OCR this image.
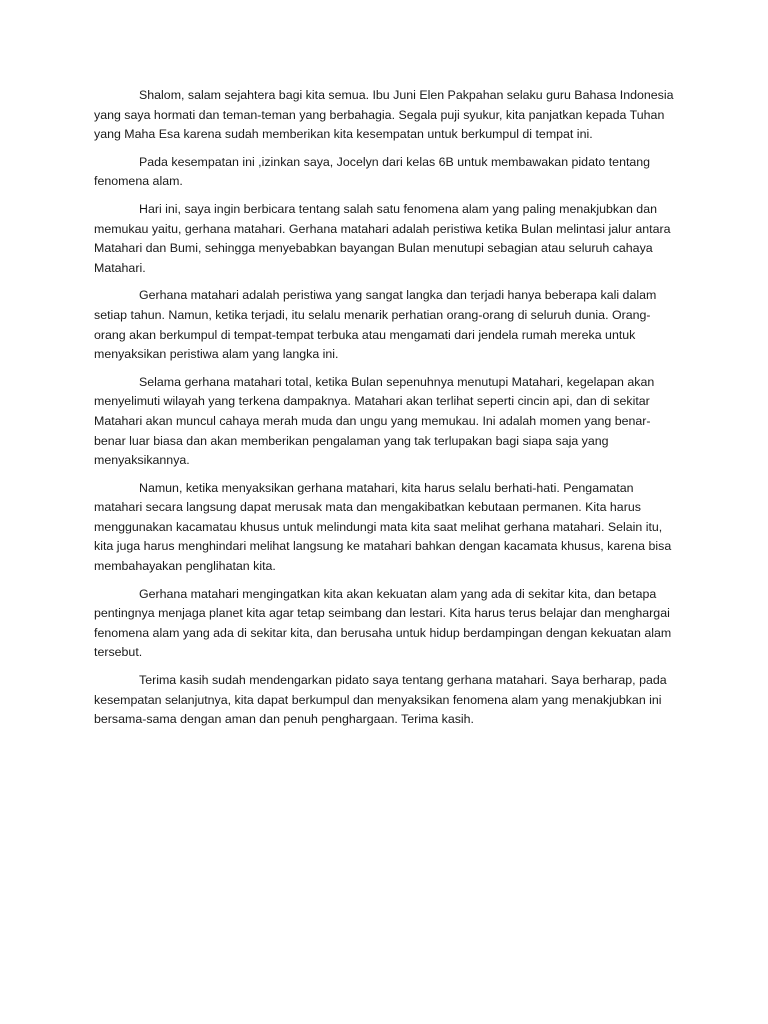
Shalom, salam sejahtera bagi kita semua. Ibu Juni Elen Pakpahan selaku guru Bahasa Indonesia yang saya hormati dan teman-teman yang berbahagia. Segala puji syukur, kita panjatkan kepada Tuhan yang Maha Esa karena sudah memberikan kita kesempatan untuk berkumpul di tempat ini.

Pada kesempatan ini ,izinkan saya, Jocelyn dari kelas 6B untuk membawakan pidato tentang fenomena alam.

Hari ini, saya ingin berbicara tentang salah satu fenomena alam yang paling menakjubkan dan memukau yaitu, gerhana matahari. Gerhana matahari adalah peristiwa ketika Bulan melintasi jalur antara Matahari dan Bumi, sehingga menyebabkan bayangan Bulan menutupi sebagian atau seluruh cahaya Matahari.

Gerhana matahari adalah peristiwa yang sangat langka dan terjadi hanya beberapa kali dalam setiap tahun. Namun, ketika terjadi, itu selalu menarik perhatian orang-orang di seluruh dunia. Orang-orang akan berkumpul di tempat-tempat terbuka atau mengamati dari jendela rumah mereka untuk menyaksikan peristiwa alam yang langka ini.

Selama gerhana matahari total, ketika Bulan sepenuhnya menutupi Matahari, kegelapan akan menyelimuti wilayah yang terkena dampaknya. Matahari akan terlihat seperti cincin api, dan di sekitar Matahari akan muncul cahaya merah muda dan ungu yang memukau. Ini adalah momen yang benar-benar luar biasa dan akan memberikan pengalaman yang tak terlupakan bagi siapa saja yang menyaksikannya.

Namun, ketika menyaksikan gerhana matahari, kita harus selalu berhati-hati. Pengamatan matahari secara langsung dapat merusak mata dan mengakibatkan kebutaan permanen. Kita harus menggunakan kacamatau khusus untuk melindungi mata kita saat melihat gerhana matahari. Selain itu, kita juga harus menghindari melihat langsung ke matahari bahkan dengan kacamata khusus, karena bisa membahayakan penglihatan kita.

Gerhana matahari mengingatkan kita akan kekuatan alam yang ada di sekitar kita, dan betapa pentingnya menjaga planet kita agar tetap seimbang dan lestari. Kita harus terus belajar dan menghargai fenomena alam yang ada di sekitar kita, dan berusaha untuk hidup berdampingan dengan kekuatan alam tersebut.

Terima kasih sudah mendengarkan pidato saya tentang gerhana matahari. Saya berharap, pada kesempatan selanjutnya, kita dapat berkumpul dan menyaksikan fenomena alam yang menakjubkan ini bersama-sama dengan aman dan penuh penghargaan. Terima kasih.
